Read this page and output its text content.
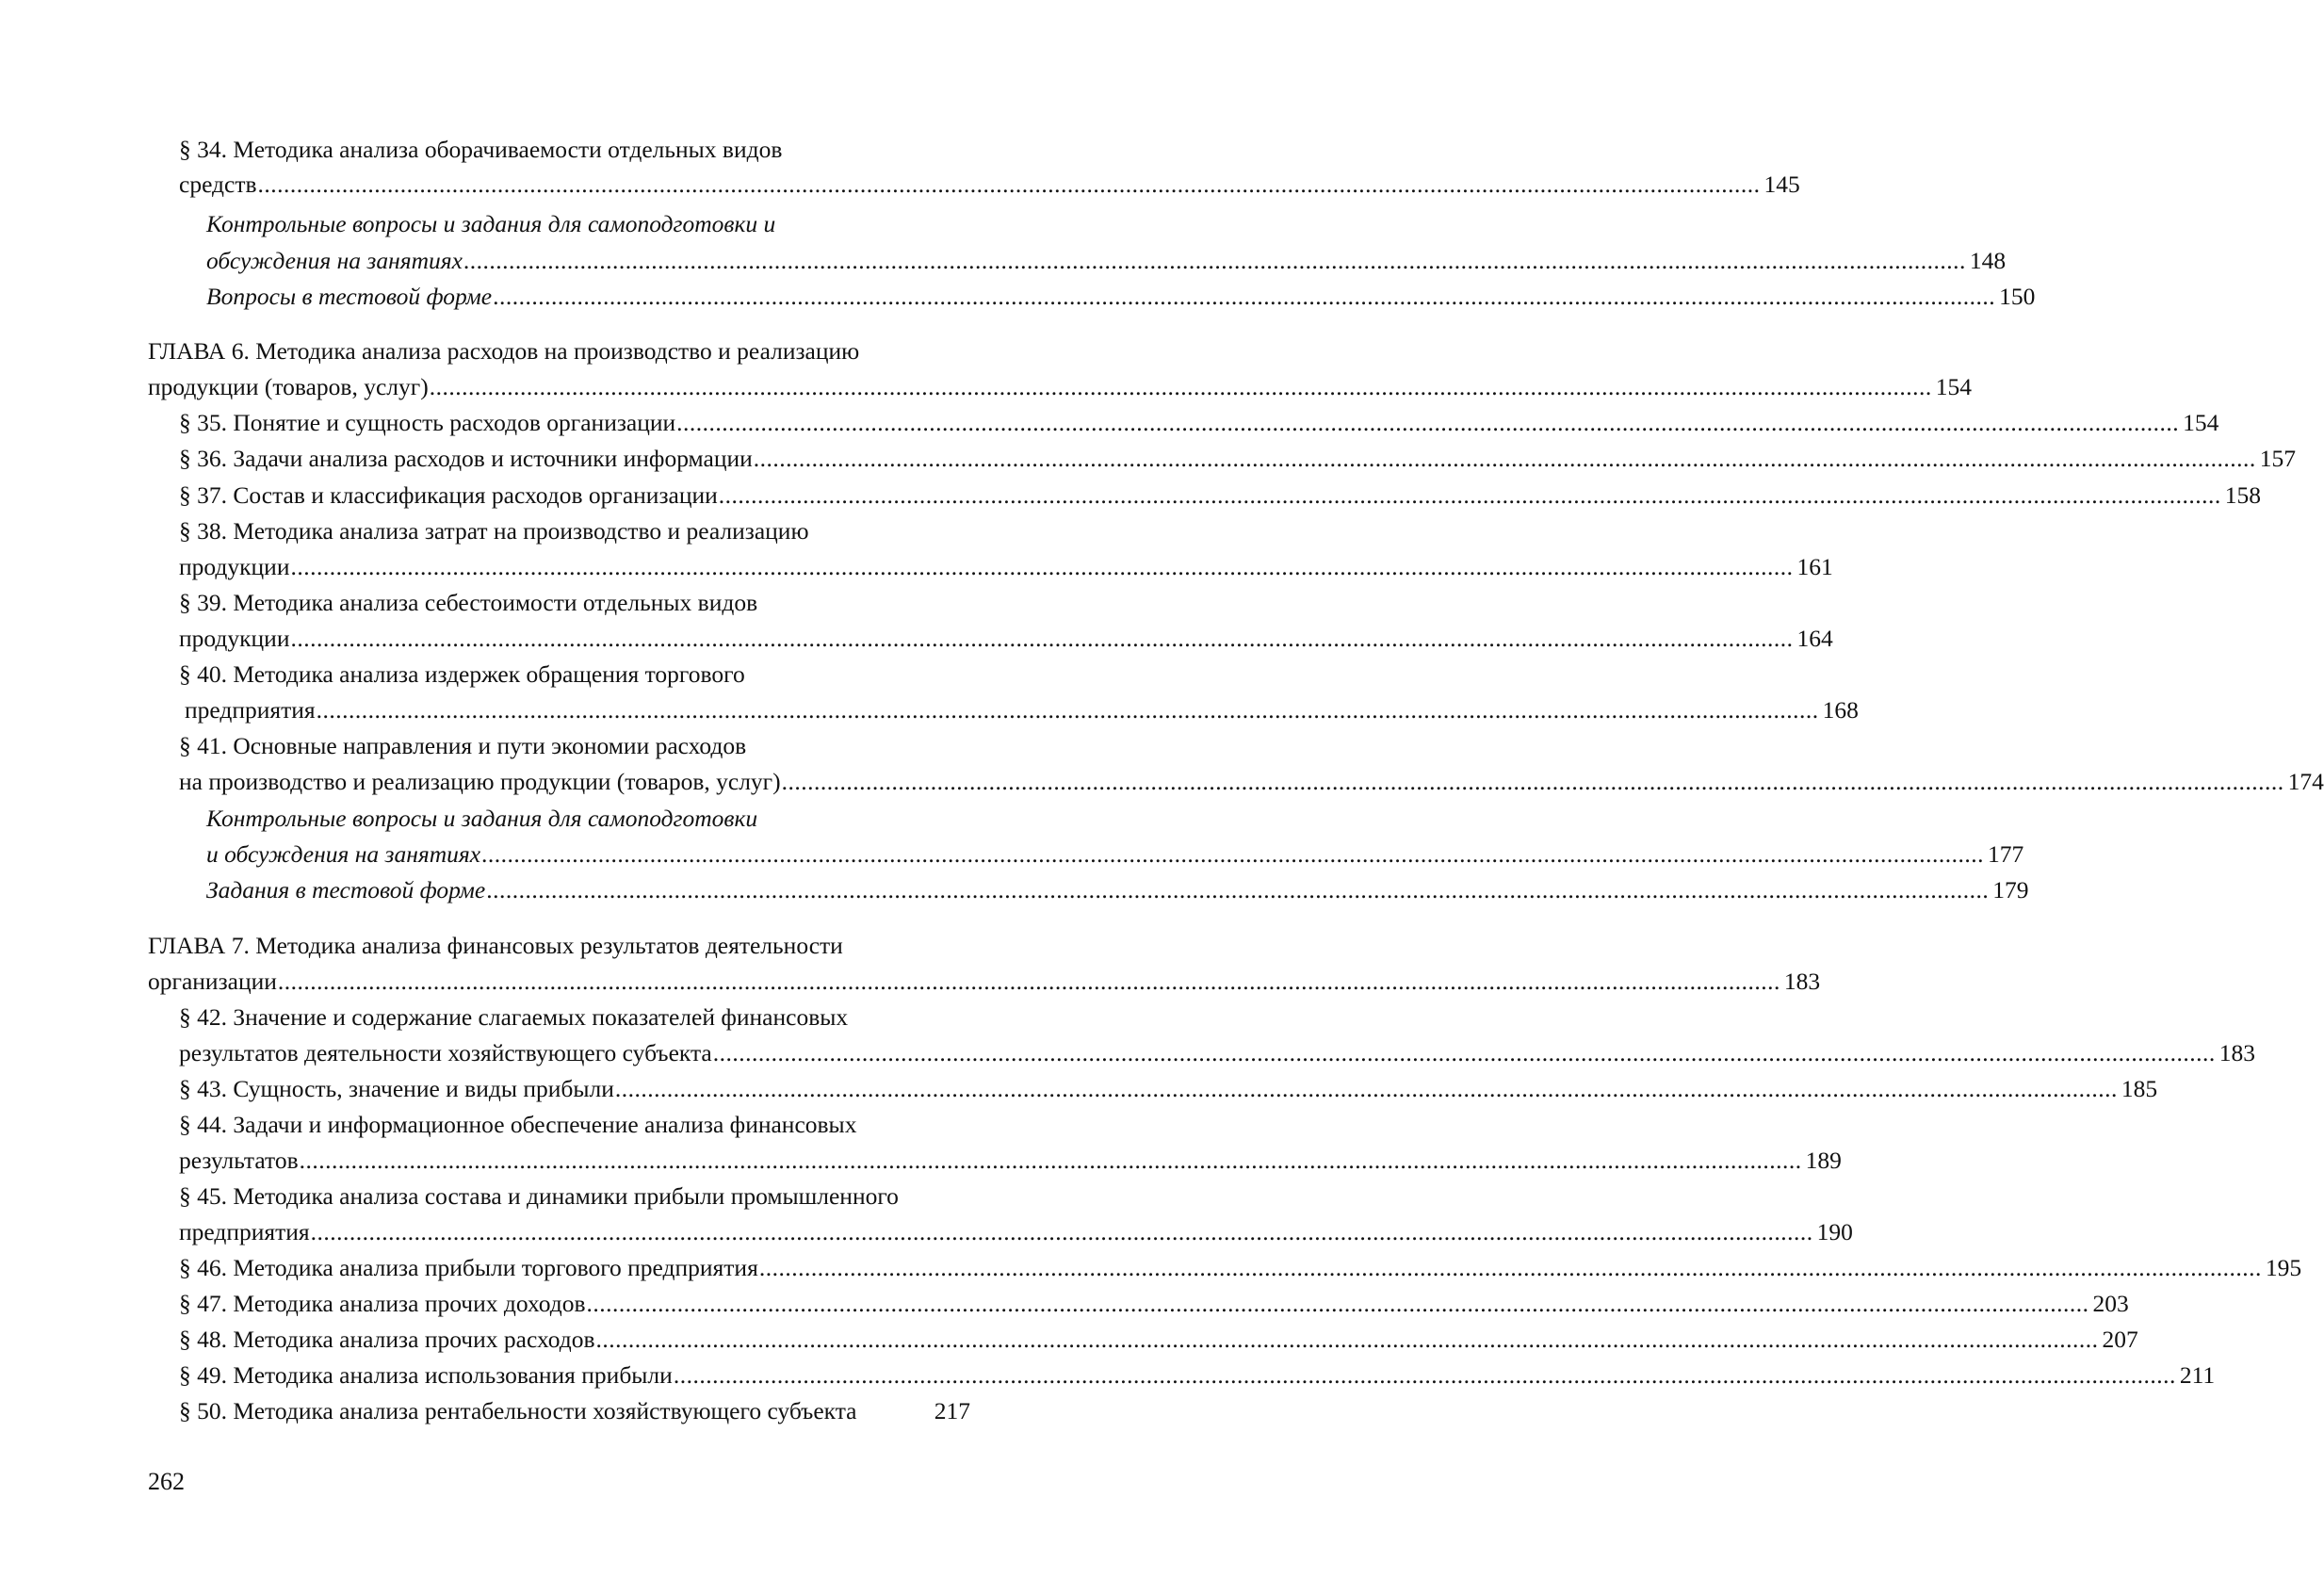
§ 34. Методика анализа оборачиваемости отдельных видов
средств ........................................................................................................................................................................................................................................ 145
Контрольные вопросы и задания для самоподготовки и
обсуждения на занятиях ........................................................................................................................................................................................................................................ 148
Вопросы в тестовой форме ........................................................................................................................................................................................................................................ 150
ГЛАВА 6. Методика анализа расходов на производство и реализацию
продукции (товаров, услуг) ........................................................................................................................................................................................................................................ 154
§ 35. Понятие и сущность расходов организации ........................................................................................................................................................................................................................................ 154
§ 36. Задачи анализа расходов и источники информации ........................................................................................................................................................................................................................................ 157
§ 37. Состав и классификация расходов организации ........................................................................................................................................................................................................................................ 158
§ 38. Методика анализа затрат на производство и реализацию
продукции ........................................................................................................................................................................................................................................ 161
§ 39. Методика анализа себестоимости отдельных видов
продукции ........................................................................................................................................................................................................................................ 164
§ 40. Методика анализа издержек обращения торгового
предприятия ........................................................................................................................................................................................................................................ 168
§ 41. Основные направления и пути экономии расходов
на производство и реализацию продукции (товаров, услуг) ........................................................................................................................................................................................................................................ 174
Контрольные вопросы и задания для самоподготовки
и обсуждения на занятиях ........................................................................................................................................................................................................................................ 177
Задания в тестовой форме ........................................................................................................................................................................................................................................ 179
ГЛАВА 7. Методика анализа финансовых результатов деятельности
организации ........................................................................................................................................................................................................................................ 183
§ 42. Значение и содержание слагаемых показателей финансовых
результатов деятельности хозяйствующего субъекта ........................................................................................................................................................................................................................................ 183
§ 43. Сущность, значение и виды прибыли ........................................................................................................................................................................................................................................ 185
§ 44. Задачи и информационное обеспечение анализа финансовых
результатов ........................................................................................................................................................................................................................................ 189
§ 45. Методика анализа состава и динамики прибыли промышленного
предприятия ........................................................................................................................................................................................................................................ 190
§ 46. Методика анализа прибыли торгового предприятия ........................................................................................................................................................................................................................................ 195
§ 47. Методика анализа прочих доходов ........................................................................................................................................................................................................................................ 203
§ 48. Методика анализа прочих расходов ........................................................................................................................................................................................................................................ 207
§ 49. Методика анализа использования прибыли ........................................................................................................................................................................................................................................ 211
§ 50. Методика анализа рентабельности хозяйствующего субъекта	217
262
